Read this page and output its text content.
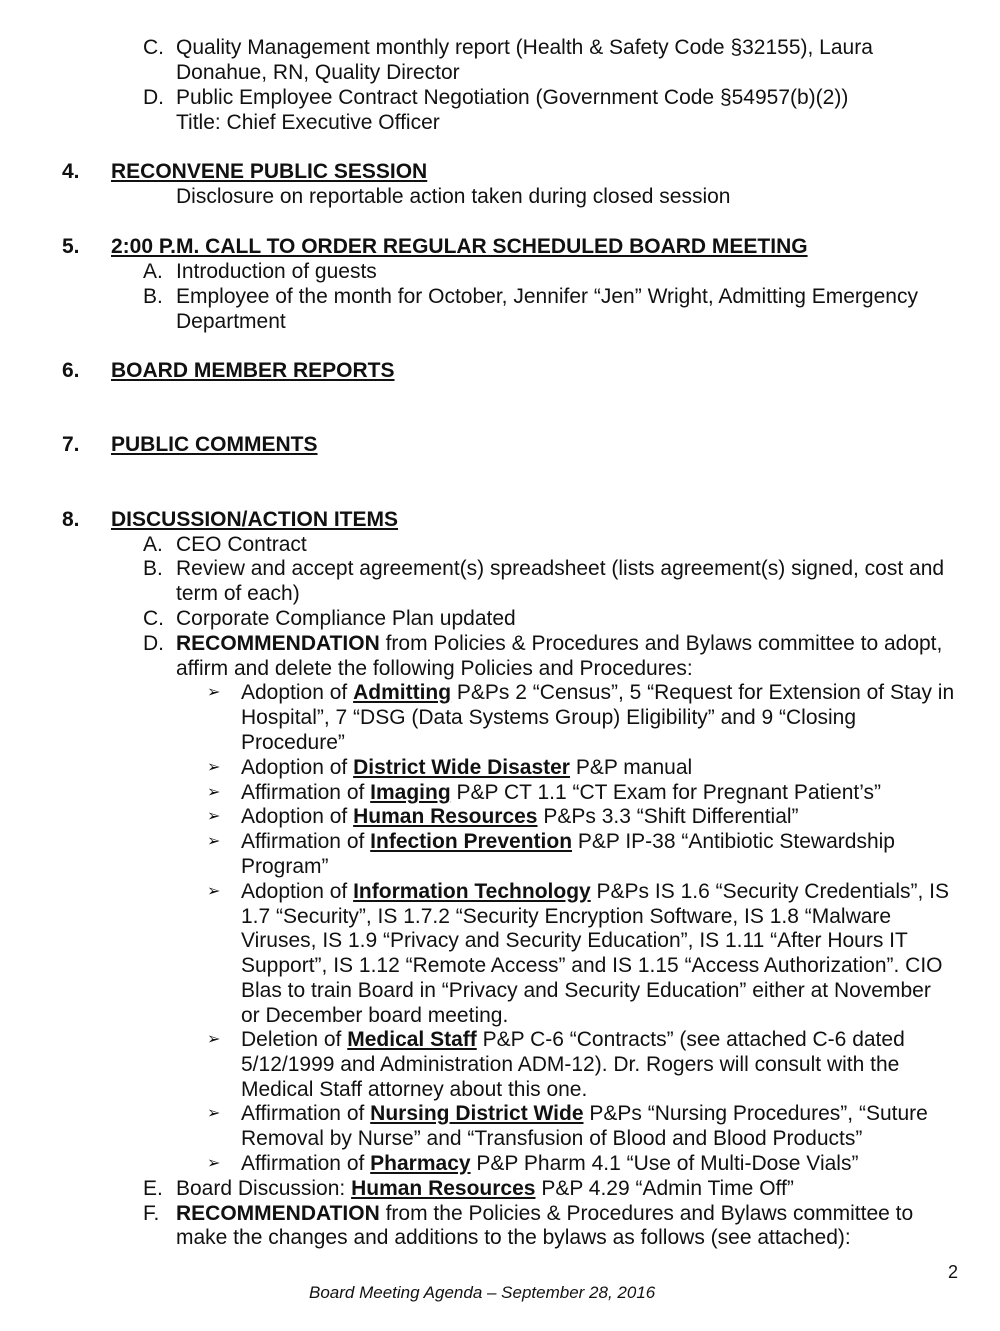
C. Quality Management monthly report (Health & Safety Code §32155), Laura
Donahue, RN, Quality Director
D. Public Employee Contract Negotiation (Government Code §54957(b)(2))
Title: Chief Executive Officer
4. RECONVENE PUBLIC SESSION
Disclosure on reportable action taken during closed session
5. 2:00 P.M. CALL TO ORDER REGULAR SCHEDULED BOARD MEETING
A. Introduction of guests
B. Employee of the month for October, Jennifer “Jen” Wright, Admitting Emergency
Department
6. BOARD MEMBER REPORTS
7. PUBLIC COMMENTS
8. DISCUSSION/ACTION ITEMS
A. CEO Contract
B. Review and accept agreement(s) spreadsheet (lists agreement(s) signed, cost and
term of each)
C. Corporate Compliance Plan updated
D. RECOMMENDATION from Policies & Procedures and Bylaws committee to adopt,
affirm and delete the following Policies and Procedures:
➢ Adoption of Admitting P&Ps 2 “Census”, 5 “Request for Extension of Stay in
Hospital”, 7 “DSG (Data Systems Group) Eligibility” and 9 “Closing
Procedure”
➢ Adoption of District Wide Disaster P&P manual
➢ Affirmation of Imaging P&P CT 1.1 “CT Exam for Pregnant Patient’s”
➢ Adoption of Human Resources P&Ps 3.3 “Shift Differential”
➢ Affirmation of Infection Prevention P&P IP-38 “Antibiotic Stewardship
Program”
➢ Adoption of Information Technology P&Ps IS 1.6 “Security Credentials”, IS
1.7 “Security”, IS 1.7.2 “Security Encryption Software, IS 1.8 “Malware
Viruses, IS 1.9 “Privacy and Security Education”, IS 1.11 “After Hours IT
Support”, IS 1.12 “Remote Access” and IS 1.15 “Access Authorization”. CIO
Blas to train Board in “Privacy and Security Education” either at November
or December board meeting.
➢ Deletion of Medical Staff P&P C-6 “Contracts” (see attached C-6 dated
5/12/1999 and Administration ADM-12). Dr. Rogers will consult with the
Medical Staff attorney about this one.
➢ Affirmation of Nursing District Wide P&Ps “Nursing Procedures”, “Suture
Removal by Nurse” and “Transfusion of Blood and Blood Products”
➢ Affirmation of Pharmacy P&P Pharm 4.1 “Use of Multi-Dose Vials”
E. Board Discussion: Human Resources P&P 4.29 “Admin Time Off”
F. RECOMMENDATION from the Policies & Procedures and Bylaws committee to
make the changes and additions to the bylaws as follows (see attached):
2
Board Meeting Agenda – September 28, 2016
